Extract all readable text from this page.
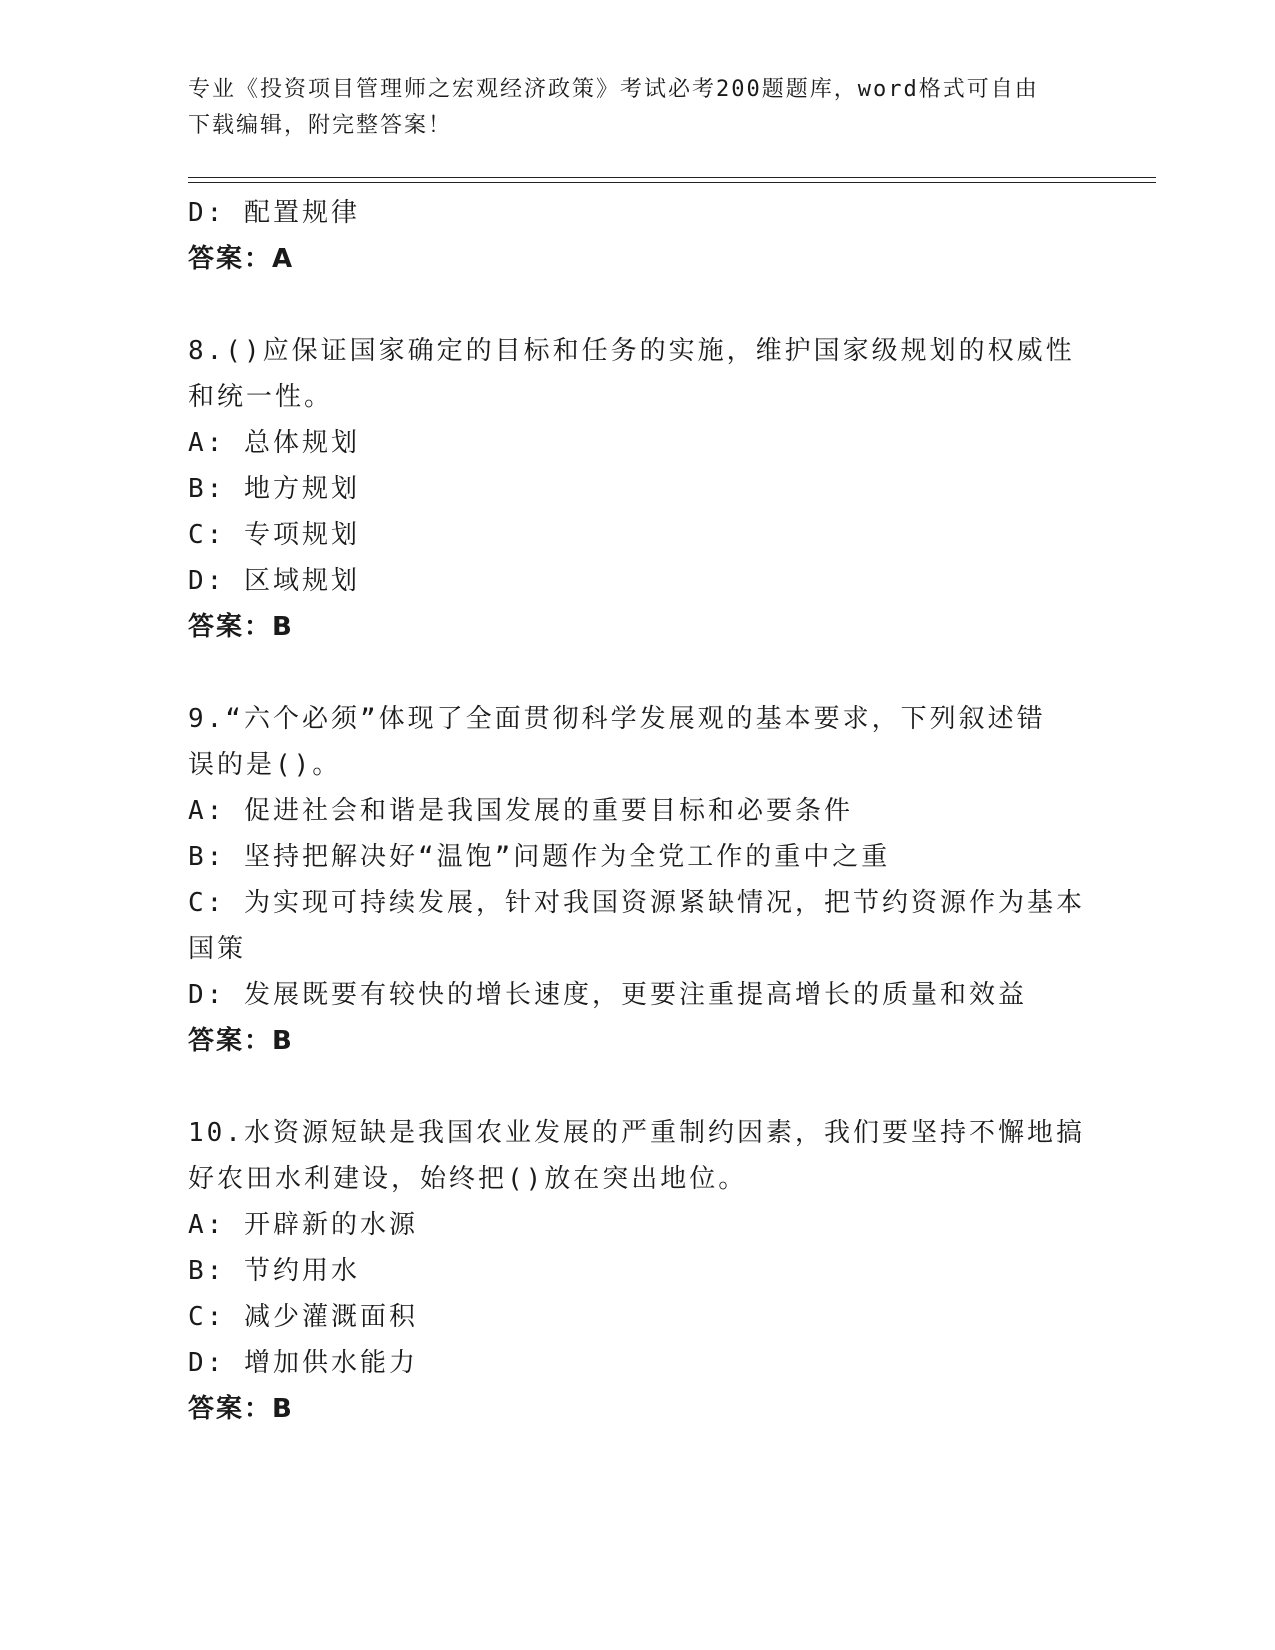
专业《投资项目管理师之宏观经济政策》考试必考200题题库，word格式可自由
下载编辑，附完整答案！
D: 配置规律
答案：A
8.()应保证国家确定的目标和任务的实施，维护国家级规划的权威性
和统一性。
A: 总体规划
B: 地方规划
C: 专项规划
D: 区域规划
答案：B
9.“六个必须”体现了全面贯彻科学发展观的基本要求，下列叙述错
误的是()。
A: 促进社会和谐是我国发展的重要目标和必要条件
B: 坚持把解决好“温饱”问题作为全党工作的重中之重
C: 为实现可持续发展，针对我国资源紧缺情况，把节约资源作为基本
国策
D: 发展既要有较快的增长速度，更要注重提高增长的质量和效益
答案：B
10.水资源短缺是我国农业发展的严重制约因素，我们要坚持不懈地搞
好农田水利建设，始终把()放在突出地位。
A: 开辟新的水源
B: 节约用水
C: 减少灌溉面积
D: 增加供水能力
答案：B
